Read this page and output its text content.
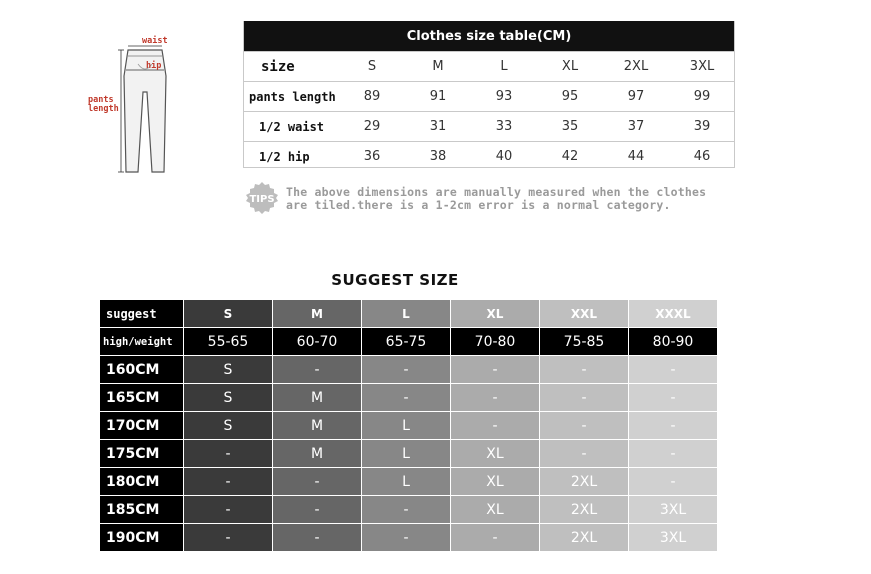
waist
hip
pants length
Clothes size table(CM)						
size	S	M	L	XL	2XL	3XL
pants length	89	91	93	95	97	99
1/2 waist	29	31	33	35	37	39
1/2 hip	36	38	40	42	44	46
TIPS
The above dimensions are manually measured when the clothes
are tiled.there is a 1-2cm error is a normal category.
SUGGEST SIZE
suggest	S	M	L	XL	XXL	XXXL
high/weight	55-65	60-70	65-75	70-80	75-85	80-90
160CM	S	-	-	-	-	-
165CM	S	M	-	-	-	-
170CM	S	M	L	-	-	-
175CM	-	M	L	XL	-	-
180CM	-	-	L	XL	2XL	-
185CM	-	-	-	XL	2XL	3XL
190CM	-	-	-	-	2XL	3XL
